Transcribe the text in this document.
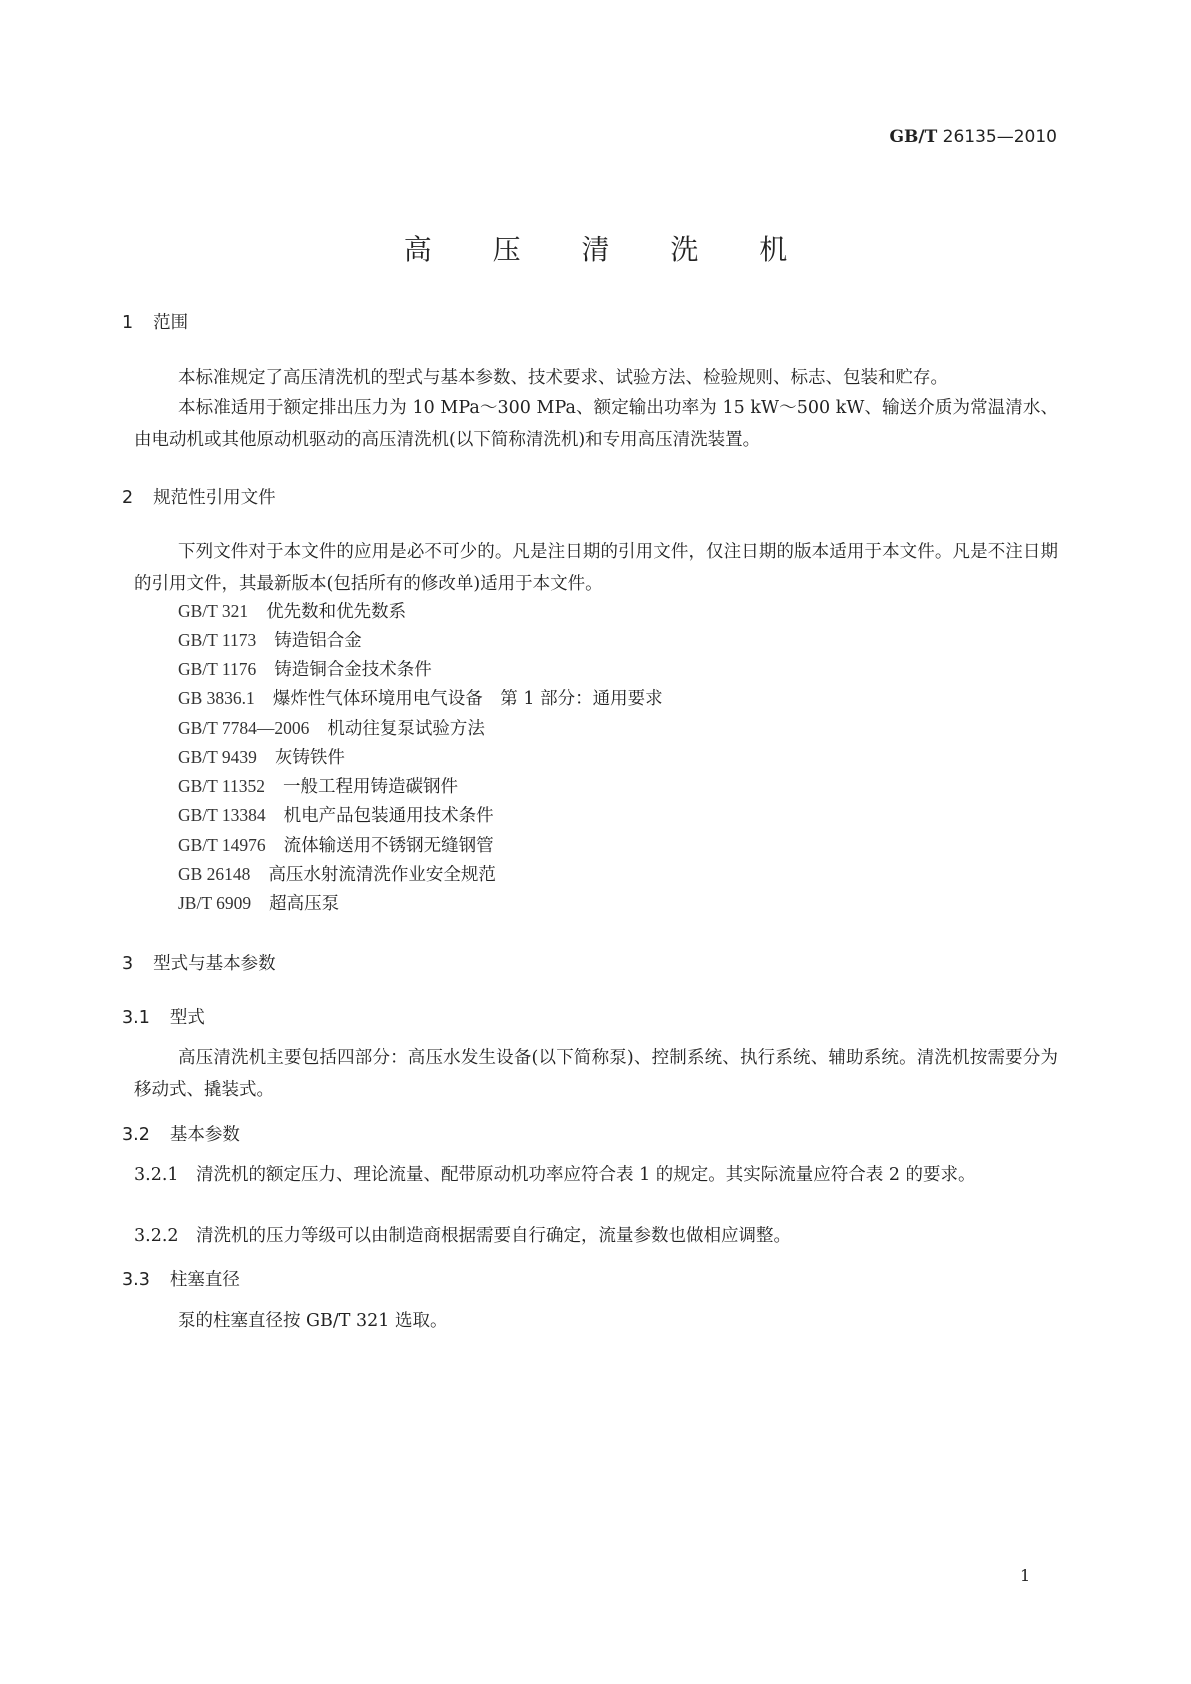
GB/T 26135—2010
高 压 清 洗 机
1 范围

本标准规定了高压清洗机的型式与基本参数、技术要求、试验方法、检验规则、标志、包装和贮存。

本标准适用于额定排出压力为 10 MPa～300 MPa、额定输出功率为 15 kW～500 kW、输送介质为常温清水、由电动机或其他原动机驱动的高压清洗机(以下简称清洗机)和专用高压清洗装置。

2 规范性引用文件

下列文件对于本文件的应用是必不可少的。凡是注日期的引用文件，仅注日期的版本适用于本文件。凡是不注日期的引用文件，其最新版本(包括所有的修改单)适用于本文件。

GB/T 321 优先数和优先数系
GB/T 1173 铸造铝合金
GB/T 1176 铸造铜合金技术条件
GB 3836.1 爆炸性气体环境用电气设备　第 1 部分：通用要求
GB/T 7784—2006 机动往复泵试验方法
GB/T 9439 灰铸铁件
GB/T 11352 一般工程用铸造碳钢件
GB/T 13384 机电产品包装通用技术条件
GB/T 14976 流体输送用不锈钢无缝钢管
GB 26148 高压水射流清洗作业安全规范
JB/T 6909 超高压泵
3 型式与基本参数
3.1 型式

高压清洗机主要包括四部分：高压水发生设备(以下简称泵)、控制系统、执行系统、辅助系统。清洗机按需要分为移动式、撬装式。

3.2 基本参数

3.2.1　清洗机的额定压力、理论流量、配带原动机功率应符合表 1 的规定。其实际流量应符合表 2 的要求。

3.2.2　清洗机的压力等级可以由制造商根据需要自行确定，流量参数也做相应调整。

3.3 柱塞直径

泵的柱塞直径按 GB/T 321 选取。

1
